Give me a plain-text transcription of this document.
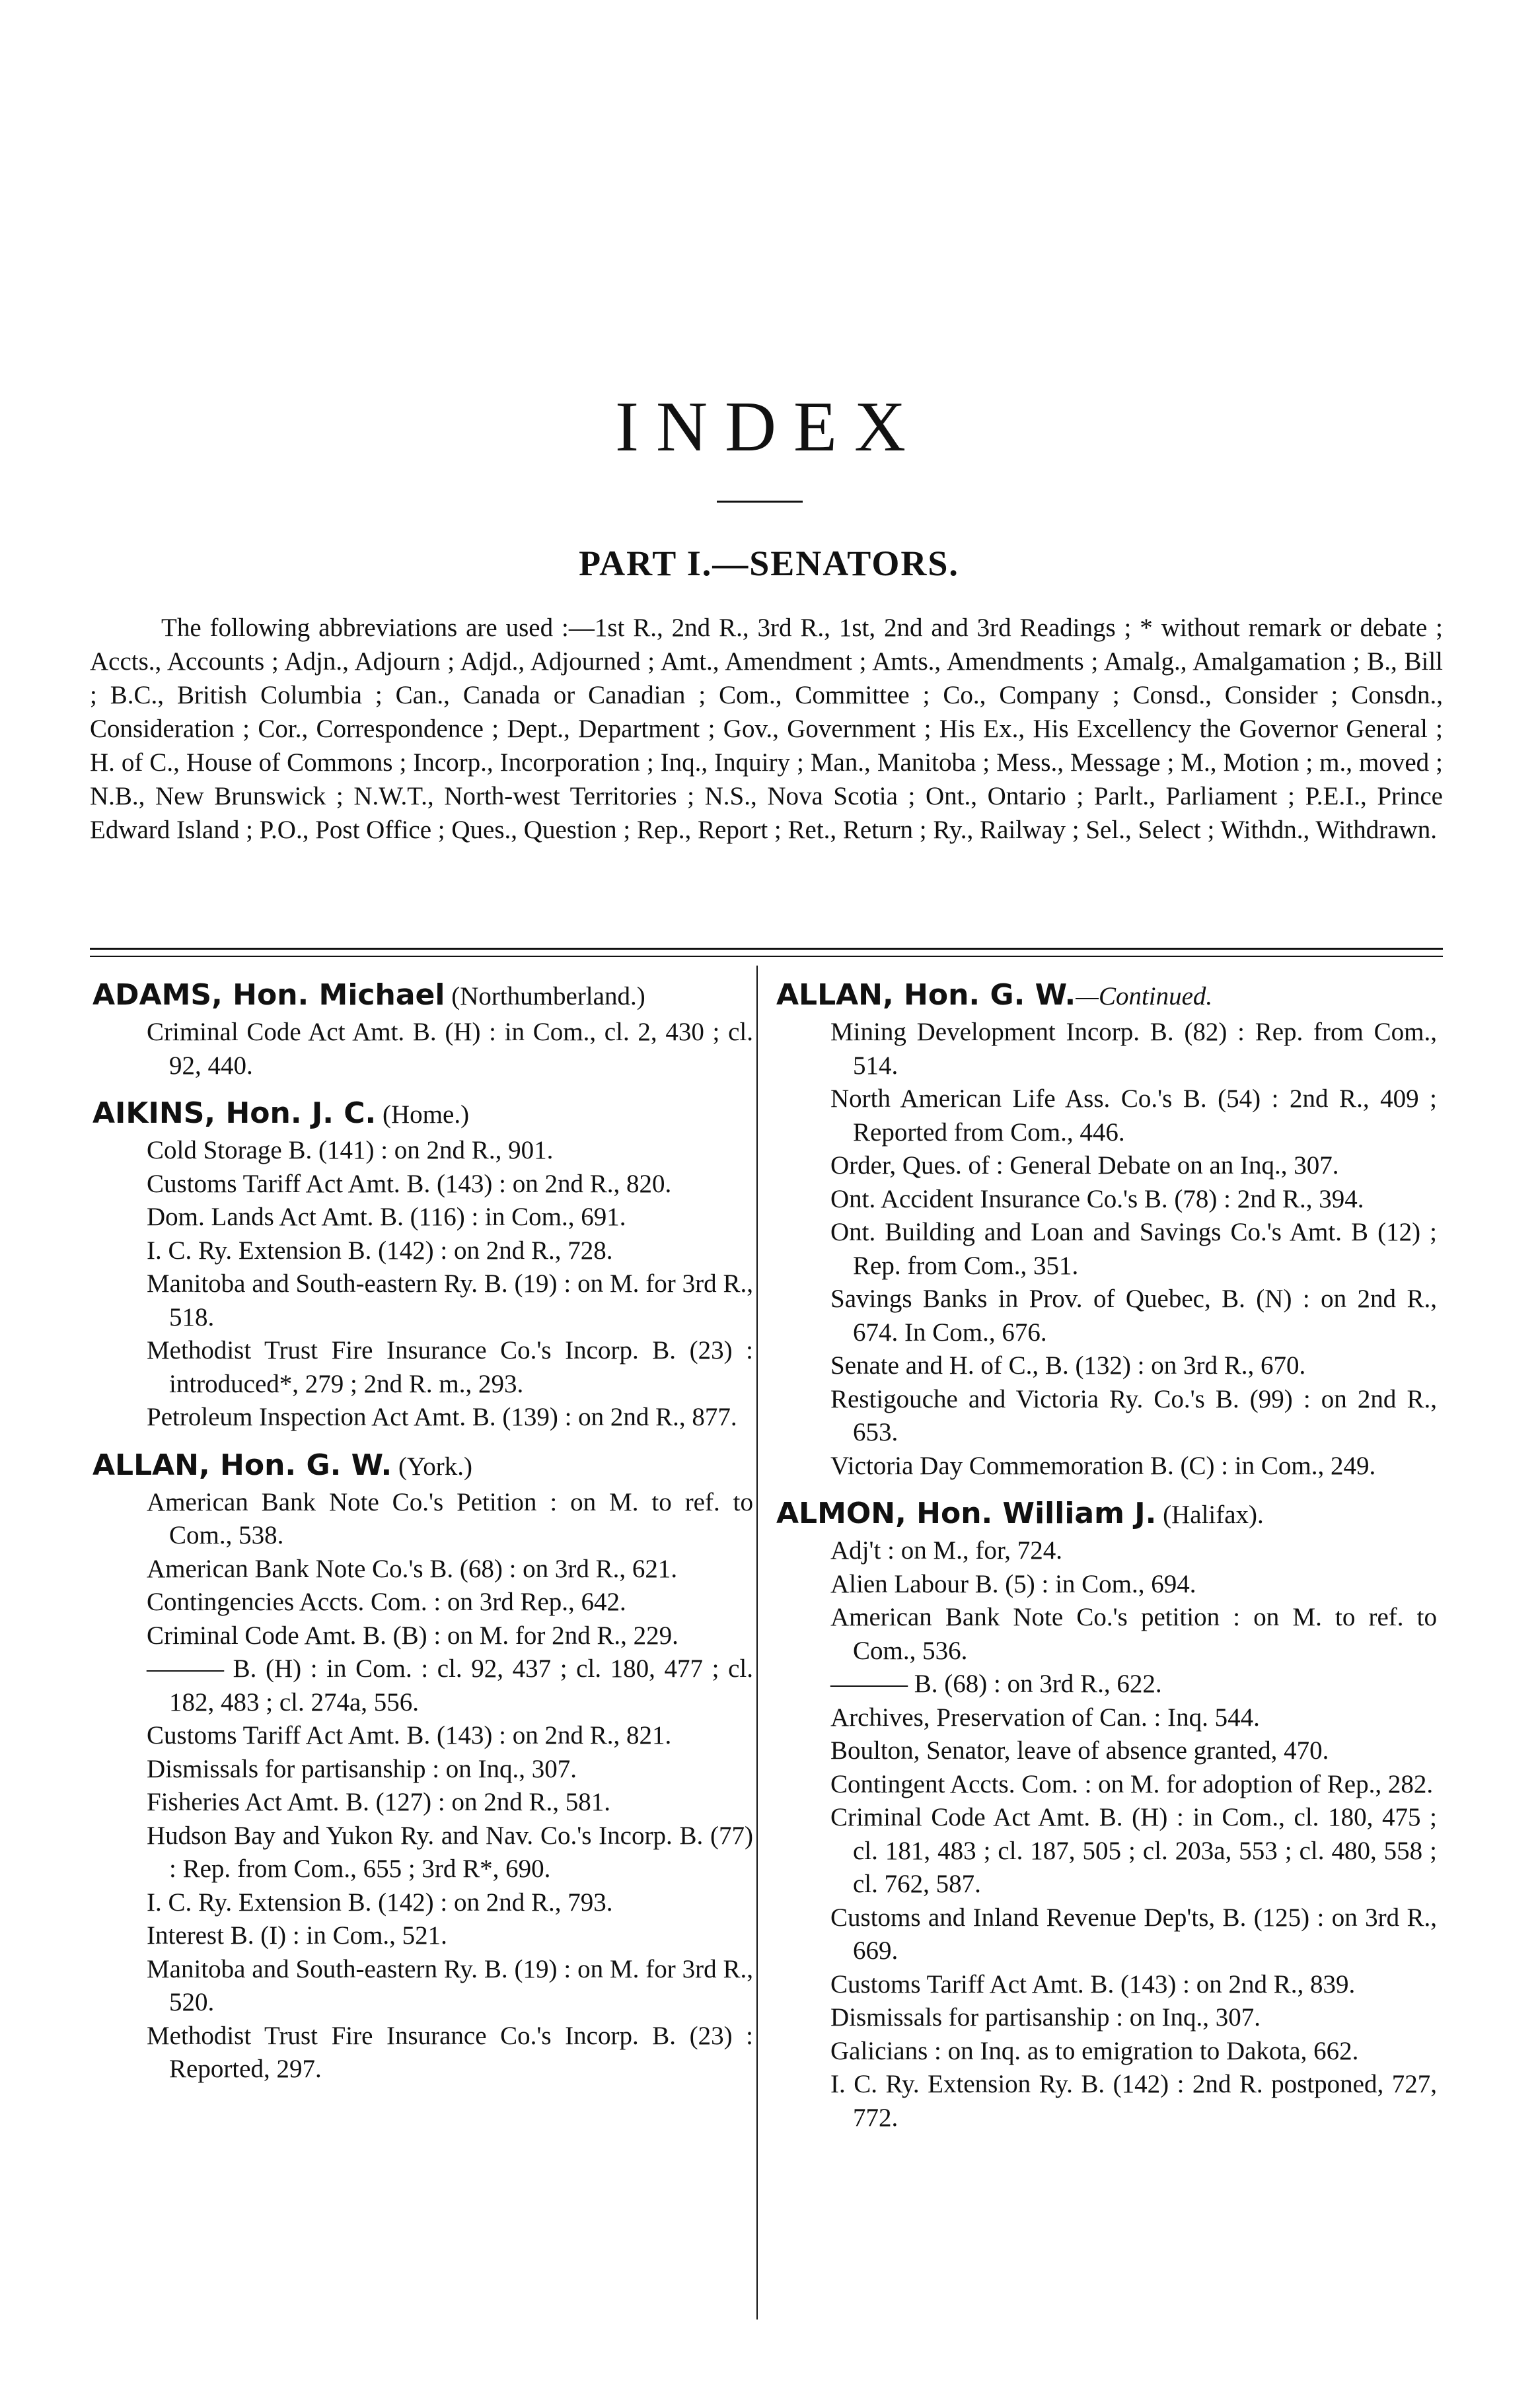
INDEX
PART I.—SENATORS.
The following abbreviations are used :—1st R., 2nd R., 3rd R., 1st, 2nd and 3rd Readings ; * without remark or debate ; Accts., Accounts ; Adjn., Adjourn ; Adjd., Adjourned ; Amt., Amendment ; Amts., Amendments ; Amalg., Amalgamation ; B., Bill ; B.C., British Columbia ; Can., Canada or Canadian ; Com., Committee ; Co., Company ; Consd., Consider ; Consdn., Consideration ; Cor., Correspondence ; Dept., Department ; Gov., Government ; His Ex., His Excellency the Governor General ; H. of C., House of Commons ; Incorp., Incorporation ; Inq., Inquiry ; Man., Manitoba ; Mess., Message ; M., Motion ; m., moved ; N.B., New Brunswick ; N.W.T., North-west Territories ; N.S., Nova Scotia ; Ont., Ontario ; Parlt., Parliament ; P.E.I., Prince Edward Island ; P.O., Post Office ; Ques., Question ; Rep., Report ; Ret., Return ; Ry., Railway ; Sel., Select ; Withdn., Withdrawn.
ADAMS, Hon. Michael (Northumberland.)
Criminal Code Act Amt. B. (H) : in Com., cl. 2, 430 ; cl. 92, 440.
AIKINS, Hon. J. C. (Home.)
Cold Storage B. (141) : on 2nd R., 901.
Customs Tariff Act Amt. B. (143) : on 2nd R., 820.
Dom. Lands Act Amt. B. (116) : in Com., 691.
I. C. Ry. Extension B. (142) : on 2nd R., 728.
Manitoba and South-eastern Ry. B. (19) : on M. for 3rd R., 518.
Methodist Trust Fire Insurance Co.'s Incorp. B. (23) : introduced*, 279 ; 2nd R. m., 293.
Petroleum Inspection Act Amt. B. (139) : on 2nd R., 877.
ALLAN, Hon. G. W. (York.)
American Bank Note Co.'s Petition : on M. to ref. to Com., 538.
American Bank Note Co.'s B. (68) : on 3rd R., 621.
Contingencies Accts. Com. : on 3rd Rep., 642.
Criminal Code Amt. B. (B) : on M. for 2nd R., 229.
——— B. (H) : in Com. : cl. 92, 437 ; cl. 180, 477 ; cl. 182, 483 ; cl. 274a, 556.
Customs Tariff Act Amt. B. (143) : on 2nd R., 821.
Dismissals for partisanship : on Inq., 307.
Fisheries Act Amt. B. (127) : on 2nd R., 581.
Hudson Bay and Yukon Ry. and Nav. Co.'s Incorp. B. (77) : Rep. from Com., 655 ; 3rd R*, 690.
I. C. Ry. Extension B. (142) : on 2nd R., 793.
Interest B. (I) : in Com., 521.
Manitoba and South-eastern Ry. B. (19) : on M. for 3rd R., 520.
Methodist Trust Fire Insurance Co.'s Incorp. B. (23) : Reported, 297.
ALLAN, Hon. G. W.—Continued.
Mining Development Incorp. B. (82) : Rep. from Com., 514.
North American Life Ass. Co.'s B. (54) : 2nd R., 409 ; Reported from Com., 446.
Order, Ques. of : General Debate on an Inq., 307.
Ont. Accident Insurance Co.'s B. (78) : 2nd R., 394.
Ont. Building and Loan and Savings Co.'s Amt. B (12) ; Rep. from Com., 351.
Savings Banks in Prov. of Quebec, B. (N) : on 2nd R., 674. In Com., 676.
Senate and H. of C., B. (132) : on 3rd R., 670.
Restigouche and Victoria Ry. Co.'s B. (99) : on 2nd R., 653.
Victoria Day Commemoration B. (C) : in Com., 249.
ALMON, Hon. William J. (Halifax).
Adj't : on M., for, 724.
Alien Labour B. (5) : in Com., 694.
American Bank Note Co.'s petition : on M. to ref. to Com., 536.
——— B. (68) : on 3rd R., 622.
Archives, Preservation of Can. : Inq. 544.
Boulton, Senator, leave of absence granted, 470.
Contingent Accts. Com. : on M. for adoption of Rep., 282.
Criminal Code Act Amt. B. (H) : in Com., cl. 180, 475 ; cl. 181, 483 ; cl. 187, 505 ; cl. 203a, 553 ; cl. 480, 558 ; cl. 762, 587.
Customs and Inland Revenue Dep'ts, B. (125) : on 3rd R., 669.
Customs Tariff Act Amt. B. (143) : on 2nd R., 839.
Dismissals for partisanship : on Inq., 307.
Galicians : on Inq. as to emigration to Dakota, 662.
I. C. Ry. Extension Ry. B. (142) : 2nd R. postponed, 727, 772.
